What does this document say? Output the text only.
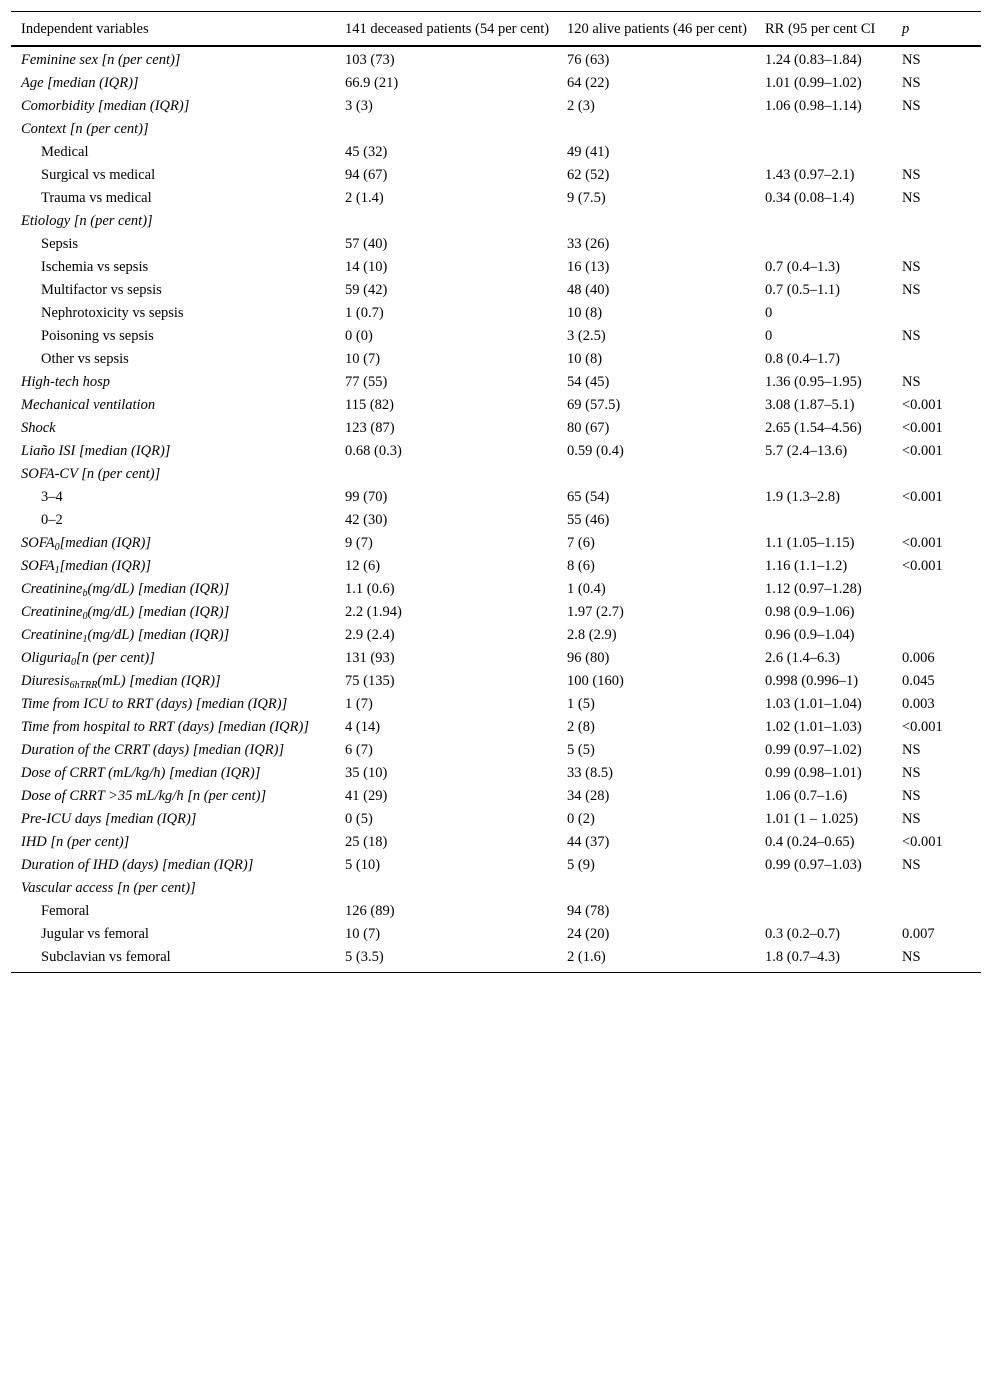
Independent variables	141 deceased patients (54 per cent)	120 alive patients (46 per cent)	RR (95 per cent CI	p
Feminine sex [n (per cent)]	103 (73)	76 (63)	1.24 (0.83–1.84)	NS
Age [median (IQR)]	66.9 (21)	64 (22)	1.01 (0.99–1.02)	NS
Comorbidity [median (IQR)]	3 (3)	2 (3)	1.06 (0.98–1.14)	NS
Context [n (per cent)]				
Medical	45 (32)	49 (41)		
Surgical vs medical	94 (67)	62 (52)	1.43 (0.97–2.1)	NS
Trauma vs medical	2 (1.4)	9 (7.5)	0.34 (0.08–1.4)	NS
Etiology [n (per cent)]				
Sepsis	57 (40)	33 (26)		
Ischemia vs sepsis	14 (10)	16 (13)	0.7 (0.4–1.3)	NS
Multifactor vs sepsis	59 (42)	48 (40)	0.7 (0.5–1.1)	NS
Nephrotoxicity vs sepsis	1 (0.7)	10 (8)	0	
Poisoning vs sepsis	0 (0)	3 (2.5)	0	NS
Other vs sepsis	10 (7)	10 (8)	0.8 (0.4–1.7)	
High-tech hosp	77 (55)	54 (45)	1.36 (0.95–1.95)	NS
Mechanical ventilation	115 (82)	69 (57.5)	3.08 (1.87–5.1)	<0.001
Shock	123 (87)	80 (67)	2.65 (1.54–4.56)	<0.001
Liaño ISI [median (IQR)]	0.68 (0.3)	0.59 (0.4)	5.7 (2.4–13.6)	<0.001
SOFA-CV [n (per cent)]				
3–4	99 (70)	65 (54)	1.9 (1.3–2.8)	<0.001
0–2	42 (30)	55 (46)		
$SOFA_0[median$ (IQR)]	9 (7)	7 (6)	1.1 (1.05–1.15)	<0.001
$SOFA_1[median$ (IQR)]	12 (6)	8 (6)	1.16 (1.1–1.2)	<0.001
Creatinine$_b$(mg/dL) [median (IQR)]	1.1 (0.6)	1 (0.4)	1.12 (0.97–1.28)	
Creatinine$_0$(mg/dL) [median (IQR)]	2.2 (1.94)	1.97 (2.7)	0.98 (0.9–1.06)	
Creatinine$_1$(mg/dL) [median (IQR)]	2.9 (2.4)	2.8 (2.9)	0.96 (0.9–1.04)	
Oliguria$_0$[n (per cent)]	131 (93)	96 (80)	2.6 (1.4–6.3)	0.006
Diuresis$_{6hTRR}$(mL) [median (IQR)]	75 (135)	100 (160)	0.998 (0.996–1)	0.045
Time from ICU to RRT (days) [median (IQR)]	1 (7)	1 (5)	1.03 (1.01–1.04)	0.003
Time from hospital to RRT (days) [median (IQR)]	4 (14)	2 (8)	1.02 (1.01–1.03)	<0.001
Duration of the CRRT (days) [median (IQR)]	6 (7)	5 (5)	0.99 (0.97–1.02)	NS
Dose of CRRT (mL/kg/h) [median (IQR)]	35 (10)	33 (8.5)	0.99 (0.98–1.01)	NS
Dose of CRRT >35 mL/kg/h [n (per cent)]	41 (29)	34 (28)	1.06 (0.7–1.6)	NS
Pre-ICU days [median (IQR)]	0 (5)	0 (2)	1.01 (1 – 1.025)	NS
IHD [n (per cent)]	25 (18)	44 (37)	0.4 (0.24–0.65)	<0.001
Duration of IHD (days) [median (IQR)]	5 (10)	5 (9)	0.99 (0.97–1.03)	NS
Vascular access [n (per cent)]				
Femoral	126 (89)	94 (78)		
Jugular vs femoral	10 (7)	24 (20)	0.3 (0.2–0.7)	0.007
Subclavian vs femoral	5 (3.5)	2 (1.6)	1.8 (0.7–4.3)	NS
